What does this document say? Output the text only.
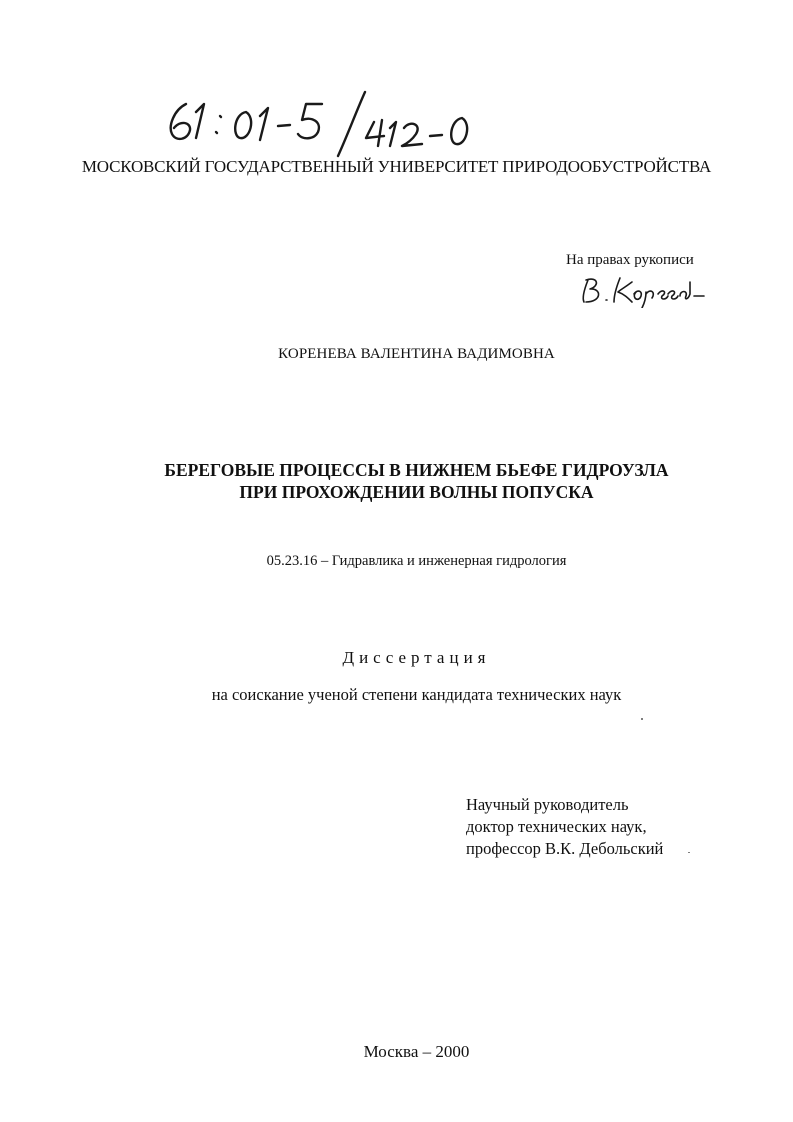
МОСКОВСКИЙ ГОСУДАРСТВЕННЫЙ УНИВЕРСИТЕТ ПРИРОДООБУСТРОЙСТВА
На правах рукописи
КОРЕНЕВА ВАЛЕНТИНА ВАДИМОВНА
БЕРЕГОВЫЕ ПРОЦЕССЫ В НИЖНЕМ БЬЕФЕ ГИДРОУЗЛА
ПРИ ПРОХОЖДЕНИИ ВОЛНЫ ПОПУСКА
05.23.16 – Гидравлика и инженерная гидрология
Диссертация
на соискание ученой степени кандидата технических наук
Научный руководитель
доктор технических наук,
профессор В.К. Дебольский
Москва – 2000
